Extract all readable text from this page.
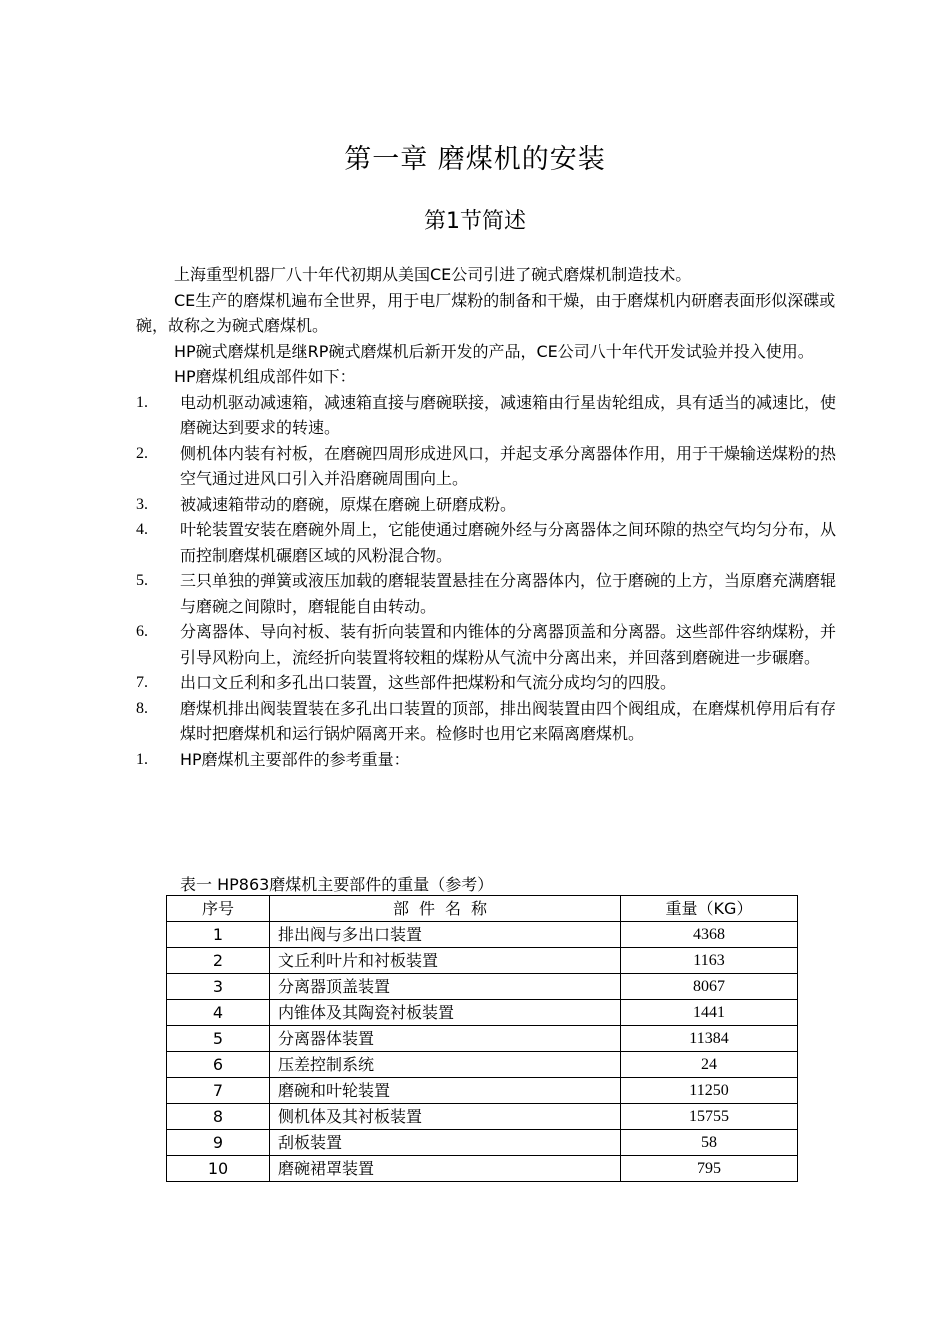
第一章 磨煤机的安装
第1节简述

上海重型机器厂八十年代初期从美国CE公司引进了碗式磨煤机制造技术。

CE生产的磨煤机遍布全世界，用于电厂煤粉的制备和干燥，由于磨煤机内研磨表面形似深碟或碗，故称之为碗式磨煤机。

HP碗式磨煤机是继RP碗式磨煤机后新开发的产品，CE公司八十年代开发试验并投入使用。

HP磨煤机组成部件如下：

1. 电动机驱动减速箱，减速箱直接与磨碗联接，减速箱由行星齿轮组成，具有适当的减速比，使磨碗达到要求的转速。
2. 侧机体内装有衬板，在磨碗四周形成进风口，并起支承分离器体作用，用于干燥输送煤粉的热空气通过进风口引入并沿磨碗周围向上。
3. 被减速箱带动的磨碗，原煤在磨碗上研磨成粉。
4. 叶轮装置安装在磨碗外周上，它能使通过磨碗外经与分离器体之间环隙的热空气均匀分布，从而控制磨煤机碾磨区域的风粉混合物。
5. 三只单独的弹簧或液压加载的磨辊装置悬挂在分离器体内，位于磨碗的上方，当原磨充满磨辊与磨碗之间隙时，磨辊能自由转动。
6. 分离器体、导向衬板、装有折向装置和内锥体的分离器顶盖和分离器。这些部件容纳煤粉，并引导风粉向上，流经折向装置将较粗的煤粉从气流中分离出来，并回落到磨碗进一步碾磨。
7. 出口文丘利和多孔出口装置，这些部件把煤粉和气流分成均匀的四股。
8. 磨煤机排出阀装置装在多孔出口装置的顶部，排出阀装置由四个阀组成，在磨煤机停用后有存煤时把磨煤机和运行锅炉隔离开来。检修时也用它来隔离磨煤机。
1. HP磨煤机主要部件的参考重量：
表一 HP863磨煤机主要部件的重量（参考）
序号	部件名称	重量（KG）
1	排出阀与多出口装置	4368
2	文丘利叶片和衬板装置	1163
3	分离器顶盖装置	8067
4	内锥体及其陶瓷衬板装置	1441
5	分离器体装置	11384
6	压差控制系统	24
7	磨碗和叶轮装置	11250
8	侧机体及其衬板装置	15755
9	刮板装置	58
10	磨碗裙罩装置	795
